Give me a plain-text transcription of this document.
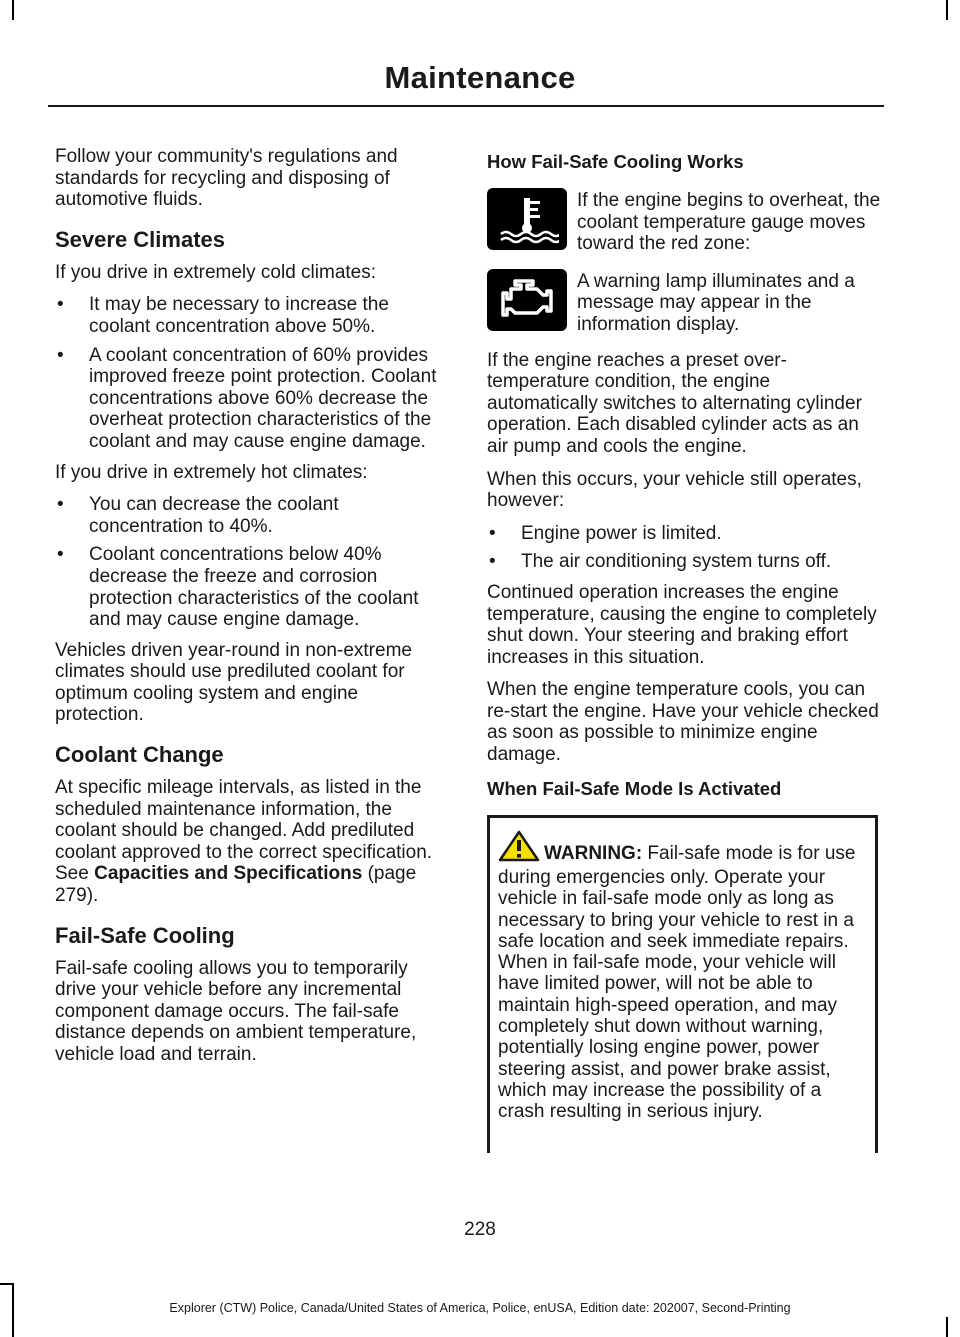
Maintenance

Follow your community's regulations and standards for recycling and disposing of automotive fluids.

Severe Climates

If you drive in extremely cold climates:

• It may be necessary to increase the coolant concentration above 50%.
• A coolant concentration of 60% provides improved freeze point protection. Coolant concentrations above 60% decrease the overheat protection characteristics of the coolant and may cause engine damage.

If you drive in extremely hot climates:

• You can decrease the coolant concentration to 40%.
• Coolant concentrations below 40% decrease the freeze and corrosion protection characteristics of the coolant and may cause engine damage.

Vehicles driven year-round in non-extreme climates should use prediluted coolant for optimum cooling system and engine protection.

Coolant Change

At specific mileage intervals, as listed in the scheduled maintenance information, the coolant should be changed. Add prediluted coolant approved to the correct specification. See Capacities and Specifications (page 279).

Fail-Safe Cooling

Fail-safe cooling allows you to temporarily drive your vehicle before any incremental component damage occurs. The fail-safe distance depends on ambient temperature, vehicle load and terrain.

How Fail-Safe Cooling Works

If the engine begins to overheat, the coolant temperature gauge moves toward the red zone:

A warning lamp illuminates and a message may appear in the information display.

If the engine reaches a preset over-temperature condition, the engine automatically switches to alternating cylinder operation. Each disabled cylinder acts as an air pump and cools the engine.

When this occurs, your vehicle still operates, however:

• Engine power is limited.
• The air conditioning system turns off.

Continued operation increases the engine temperature, causing the engine to completely shut down. Your steering and braking effort increases in this situation.

When the engine temperature cools, you can re-start the engine. Have your vehicle checked as soon as possible to minimize engine damage.

When Fail-Safe Mode Is Activated

WARNING: Fail-safe mode is for use during emergencies only. Operate your vehicle in fail-safe mode only as long as necessary to bring your vehicle to rest in a safe location and seek immediate repairs. When in fail-safe mode, your vehicle will have limited power, will not be able to maintain high-speed operation, and may completely shut down without warning, potentially losing engine power, power steering assist, and power brake assist, which may increase the possibility of a crash resulting in serious injury.

228
Explorer (CTW) Police, Canada/United States of America, Police, enUSA, Edition date: 202007, Second-Printing
